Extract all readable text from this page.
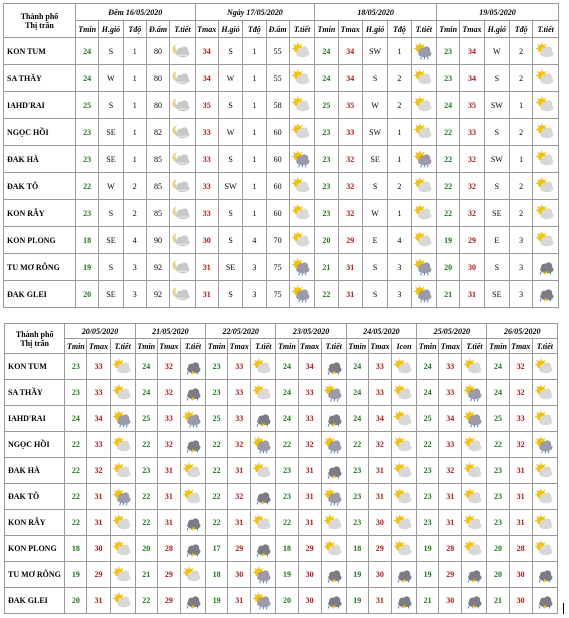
Thành phố
Thị trấn	Đêm 16/05/2020					Ngày 17/05/2020					18/05/2020					19/05/2020				
	Tmin	H.gió	Tđộ	Đ.ẩm	T.tiết	Tmax	H.gió	Tđộ	Đ.ẩm	T.tiết	Tmin	Tmax	H.gió	Tđộ	T.tiết	Tmin	Tmax	H.gió	Tđộ	T.tiết
KON TUM	24	S	1	80		34	S	1	55		24	34	SW	1		23	34	W	2	
SA THẦY	24	W	1	80		34	W	1	55		24	34	S	2		23	34	S	2	
IAHD'RAI	25	S	1	80		35	S	1	58		25	35	W	2		24	35	SW	1	
NGỌC HỒI	23	SE	1	82		33	W	1	60		23	33	SW	1		22	33	S	2	
ĐAK HÀ	23	SE	1	85		33	S	1	60		23	32	SE	1		22	32	SW	1	
ĐAK TÔ	22	W	2	85		33	SW	1	60		23	32	S	2		22	32	S	2	
KON RẪY	23	S	2	85		33	S	1	60		23	32	W	1		22	32	SE	2	
KON PLONG	18	SE	4	90		30	S	4	70		20	29	E	4		19	29	E	3	
TU MƠ RÔNG	19	S	3	92		31	SE	3	75		21	31	S	3		20	30	S	3	
ĐAK GLEI	20	SE	3	92		31	S	3	75		22	31	S	3		21	31	SE	3	
Thành phố
Thị trấn	20/05/2020			21/05/2020			22/05/2020			23/05/2020			24/05/2020			25/05/2020			26/05/2020		
	Tmin	Tmax	T.tiết	Tmin	Tmax	T.tiết	Tmin	Tmax	T.tiết	Tmin	Tmax	T.tiết	Tmin	Tmax	Icon	Tmin	Tmax	T.tiết	Tmin	Tmax	T.tiết
KON TUM	23	33		24	32		23	33		24	34		24	33		24	33		24	32	
SA THẦY	23	33		24	32		23	33		24	33		24	33		24	33		24	32	
IAHD'RAI	24	34		25	33		25	33		24	33		24	34		25	34		25	33	
NGỌC HỒI	22	33		22	32		22	32		22	32		22	32		22	33		22	32	
ĐAK HÀ	22	32		23	31		22	31		23	31		23	31		23	32		23	31	
ĐAK TÔ	22	31		22	31		22	32		23	31		23	31		23	31		23	31	
KON RẪY	22	31		22	31		22	31		22	31		23	30		23	31		23	31	
KON PLONG	18	30		20	28		17	29		18	29		18	29		19	28		20	28	
TU MƠ RÔNG	19	29		21	29		18	30		19	30		19	30		19	29		20	30	
ĐAK GLEI	20	31		22	29		19	31		20	30		19	31		21	30		21	30	
